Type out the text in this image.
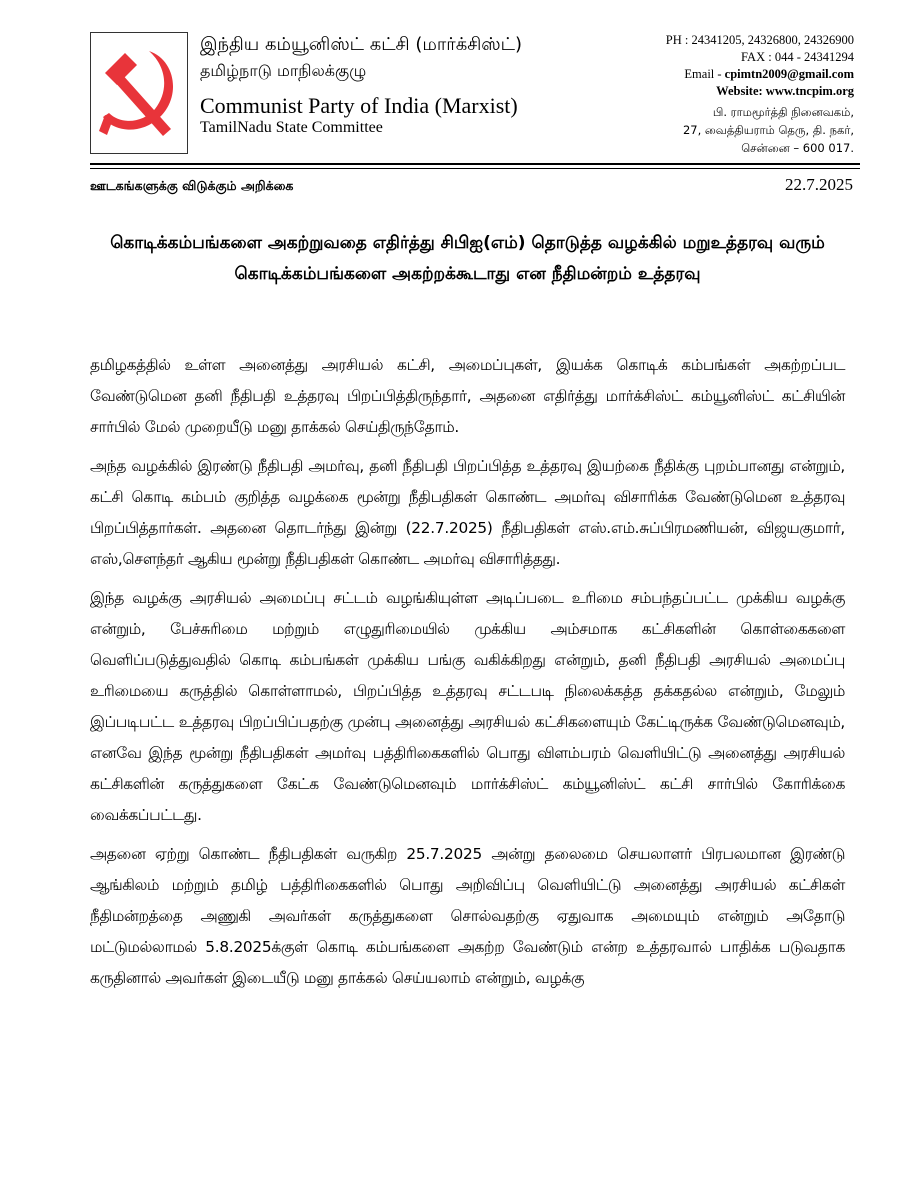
இந்திய கம்யூனிஸ்ட் கட்சி (மார்க்சிஸ்ட்)
தமிழ்நாடு மாநிலக்குழு
Communist Party of India (Marxist)
TamilNadu State Committee
PH : 24341205, 24326800, 24326900
FAX : 044 - 24341294
Email - cpimtn2009@gmail.com
Website: www.tncpim.org
பி. ராமமூர்த்தி நினைவகம்,
27, வைத்தியராம் தெரு, தி. நகர்,
சென்னை – 600 017.
ஊடகங்களுக்கு விடுக்கும் அறிக்கை	22.7.2025
கொடிக்கம்பங்களை அகற்றுவதை எதிர்த்து சிபிஐ(எம்) தொடுத்த வழக்கில் மறுஉத்தரவு வரும் கொடிக்கம்பங்களை அகற்றக்கூடாது என நீதிமன்றம் உத்தரவு

தமிழகத்தில் உள்ள அனைத்து அரசியல் கட்சி, அமைப்புகள், இயக்க கொடிக் கம்பங்கள் அகற்றப்பட வேண்டுமென தனி நீதிபதி உத்தரவு பிறப்பித்திருந்தார், அதனை எதிர்த்து மார்க்சிஸ்ட் கம்யூனிஸ்ட் கட்சியின் சார்பில் மேல் முறையீடு மனு தாக்கல் செய்திருந்தோம்.

அந்த வழக்கில் இரண்டு நீதிபதி அமர்வு, தனி நீதிபதி பிறப்பித்த உத்தரவு இயற்கை நீதிக்கு புறம்பானது என்றும், கட்சி கொடி கம்பம் குறித்த வழக்கை மூன்று நீதிபதிகள் கொண்ட அமர்வு விசாரிக்க வேண்டுமென உத்தரவு பிறப்பித்தார்கள். அதனை தொடர்ந்து இன்று (22.7.2025) நீதிபதிகள் எஸ்.எம்.சுப்பிரமணியன், விஜயகுமார், எஸ்,சௌந்தர் ஆகிய மூன்று நீதிபதிகள் கொண்ட அமர்வு விசாரித்தது.

இந்த வழக்கு அரசியல் அமைப்பு சட்டம் வழங்கியுள்ள அடிப்படை உரிமை சம்பந்தப்பட்ட முக்கிய வழக்கு என்றும், பேச்சுரிமை மற்றும் எழுதுரிமையில் முக்கிய அம்சமாக கட்சிகளின் கொள்கைகளை வெளிப்படுத்துவதில் கொடி கம்பங்கள் முக்கிய பங்கு வகிக்கிறது என்றும், தனி நீதிபதி அரசியல் அமைப்பு உரிமையை கருத்தில் கொள்ளாமல், பிறப்பித்த உத்தரவு சட்டபடி நிலைக்கத்த தக்கதல்ல என்றும், மேலும் இப்படிபட்ட உத்தரவு பிறப்பிப்பதற்கு முன்பு அனைத்து அரசியல் கட்சிகளையும் கேட்டிருக்க வேண்டுமெனவும், எனவே இந்த மூன்று நீதிபதிகள் அமர்வு பத்திரிகைகளில் பொது விளம்பரம் வெளியிட்டு அனைத்து அரசியல் கட்சிகளின் கருத்துகளை கேட்க வேண்டுமெனவும் மார்க்சிஸ்ட் கம்யூனிஸ்ட் கட்சி சார்பில் கோரிக்கை வைக்கப்பட்டது.

அதனை ஏற்று கொண்ட நீதிபதிகள் வருகிற 25.7.2025 அன்று தலைமை செயலாளர் பிரபலமான இரண்டு ஆங்கிலம் மற்றும் தமிழ் பத்திரிகைகளில் பொது அறிவிப்பு வெளியிட்டு அனைத்து அரசியல் கட்சிகள் நீதிமன்றத்தை அணுகி அவர்கள் கருத்துகளை சொல்வதற்கு ஏதுவாக அமையும் என்றும் அதோடு மட்டுமல்லாமல் 5.8.2025க்குள் கொடி கம்பங்களை அகற்ற வேண்டும் என்ற உத்தரவால் பாதிக்க படுவதாக கருதினால் அவர்கள் இடையீடு மனு தாக்கல் செய்யலாம் என்றும், வழக்கு
